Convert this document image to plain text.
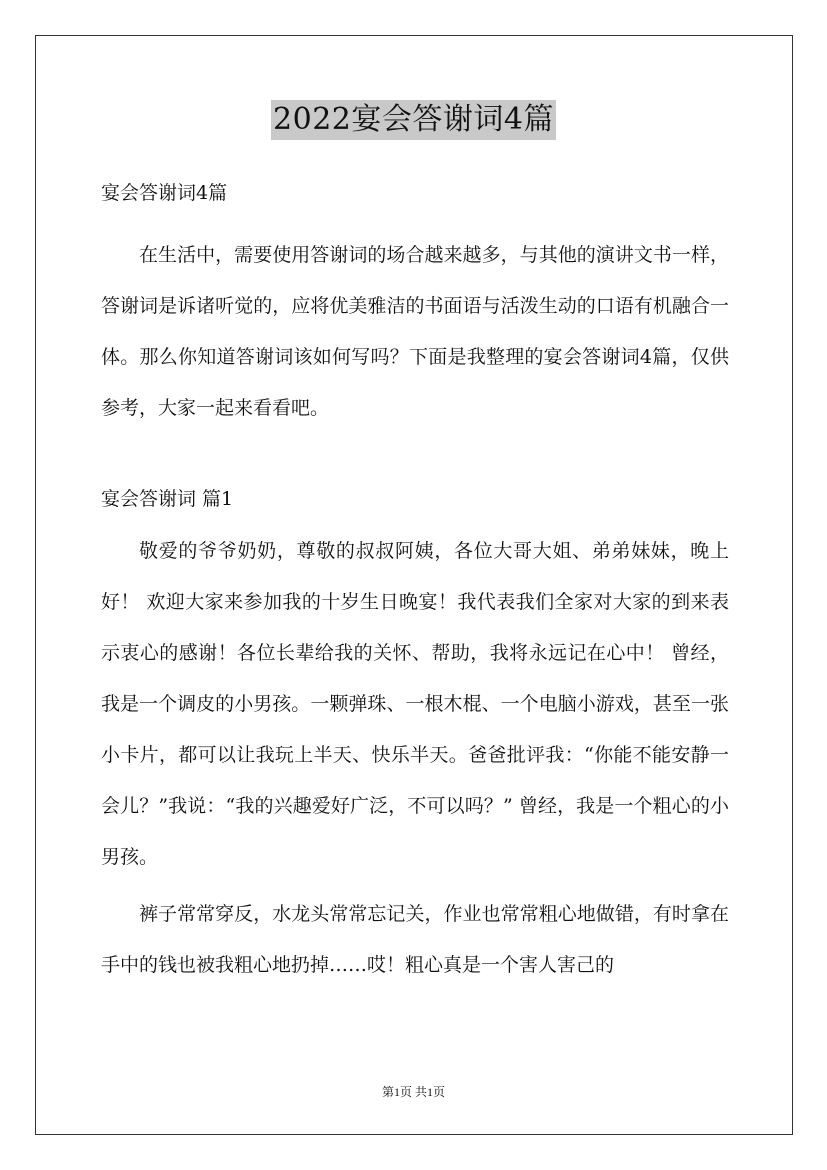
2022宴会答谢词4篇
宴会答谢词4篇

在生活中，需要使用答谢词的场合越来越多，与其他的演讲文书一样，答谢词是诉诸听觉的，应将优美雅洁的书面语与活泼生动的口语有机融合一体。那么你知道答谢词该如何写吗？下面是我整理的宴会答谢词4篇，仅供参考，大家一起来看看吧。

宴会答谢词 篇1

敬爱的爷爷奶奶，尊敬的叔叔阿姨，各位大哥大姐、弟弟妹妹，晚上好！ 欢迎大家来参加我的十岁生日晚宴！我代表我们全家对大家的到来表示衷心的感谢！各位长辈给我的关怀、帮助，我将永远记在心中！ 曾经，我是一个调皮的小男孩。一颗弹珠、一根木棍、一个电脑小游戏，甚至一张小卡片，都可以让我玩上半天、快乐半天。爸爸批评我：“你能不能安静一会儿？”我说：“我的兴趣爱好广泛，不可以吗？” 曾经，我是一个粗心的小男孩。

裤子常常穿反，水龙头常常忘记关，作业也常常粗心地做错，有时拿在手中的钱也被我粗心地扔掉……哎！粗心真是一个害人害己的

第1页 共1页
